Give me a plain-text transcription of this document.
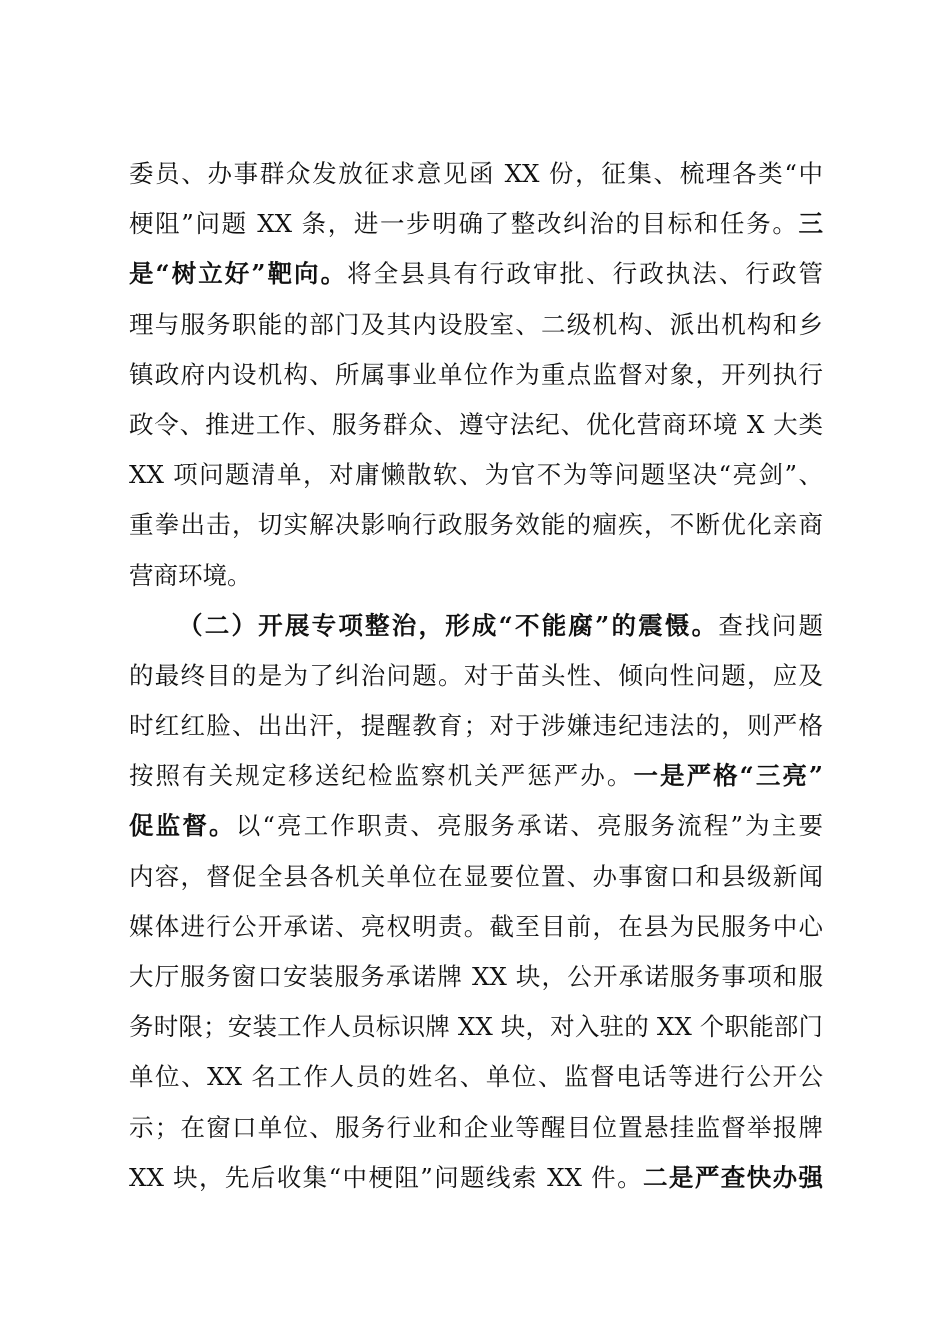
委员、办事群众发放征求意见函 XX 份，征集、梳理各类“中
梗阻”问题 XX 条，进一步明确了整改纠治的目标和任务。三
是“树立好”靶向。将全县具有行政审批、行政执法、行政管
理与服务职能的部门及其内设股室、二级机构、派出机构和乡
镇政府内设机构、所属事业单位作为重点监督对象，开列执行
政令、推进工作、服务群众、遵守法纪、优化营商环境 X 大类
XX 项问题清单，对庸懒散软、为官不为等问题坚决“亮剑”、
重拳出击，切实解决影响行政服务效能的痼疾，不断优化亲商
营商环境。
（二）开展专项整治，形成“不能腐”的震慑。查找问题
的最终目的是为了纠治问题。对于苗头性、倾向性问题，应及
时红红脸、出出汗，提醒教育；对于涉嫌违纪违法的，则严格
按照有关规定移送纪检监察机关严惩严办。一是严格“三亮”
促监督。以“亮工作职责、亮服务承诺、亮服务流程”为主要
内容，督促全县各机关单位在显要位置、办事窗口和县级新闻
媒体进行公开承诺、亮权明责。截至目前，在县为民服务中心
大厅服务窗口安装服务承诺牌 XX 块，公开承诺服务事项和服
务时限；安装工作人员标识牌 XX 块，对入驻的 XX 个职能部门
单位、XX 名工作人员的姓名、单位、监督电话等进行公开公
示；在窗口单位、服务行业和企业等醒目位置悬挂监督举报牌
XX 块，先后收集“中梗阻”问题线索 XX 件。二是严查快办强
